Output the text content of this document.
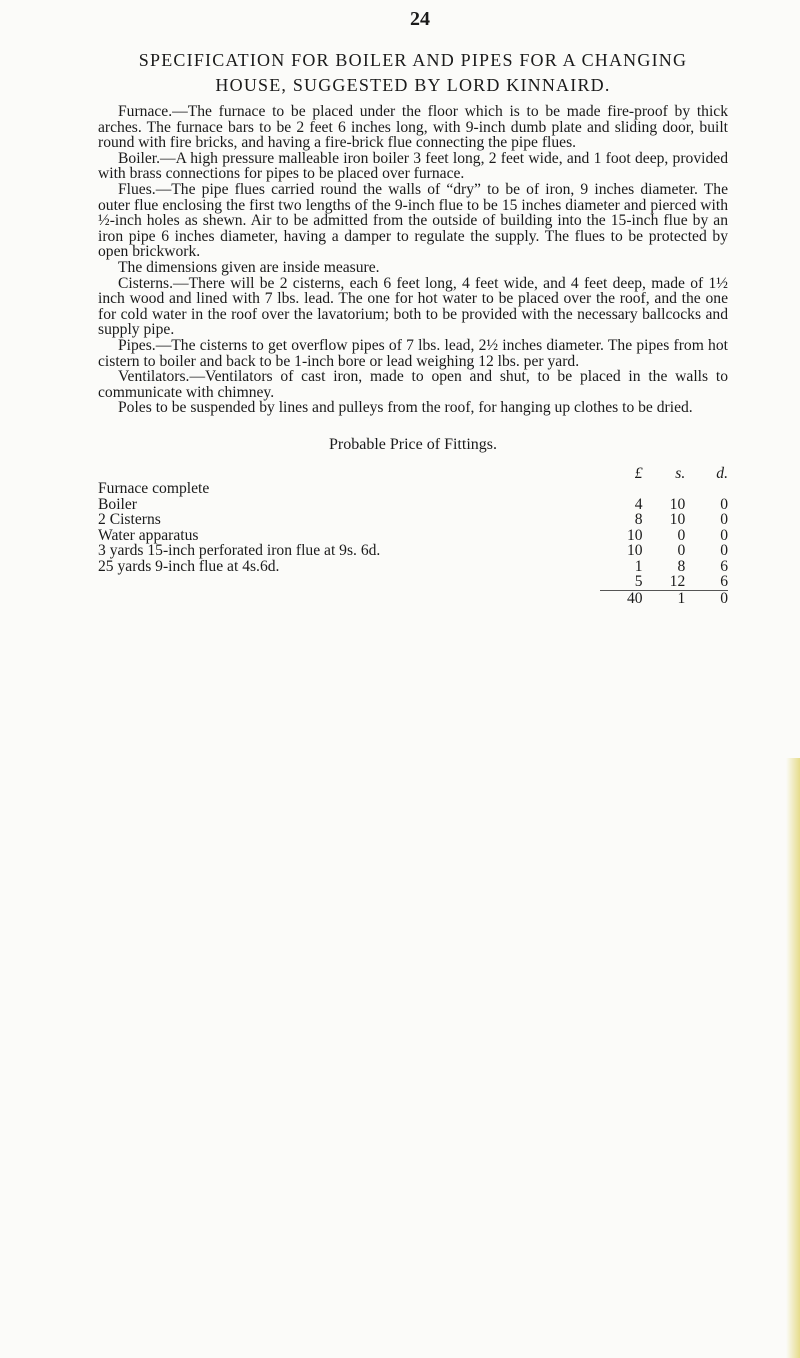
24
SPECIFICATION FOR BOILER AND PIPES FOR A CHANGING
HOUSE, SUGGESTED BY LORD KINNAIRD.

Furnace.—The furnace to be placed under the floor which is to be made fire-proof by thick arches. The furnace bars to be 2 feet 6 inches long, with 9-inch dumb plate and sliding door, built round with fire bricks, and having a fire-brick flue connecting the pipe flues.

Boiler.—A high pressure malleable iron boiler 3 feet long, 2 feet wide, and 1 foot deep, provided with brass connections for pipes to be placed over furnace.

Flues.—The pipe flues carried round the walls of “dry” to be of iron, 9 inches diameter. The outer flue enclosing the first two lengths of the 9-inch flue to be 15 inches diameter and pierced with ½-inch holes as shewn. Air to be admitted from the outside of building into the 15-inch flue by an iron pipe 6 inches diameter, having a damper to regulate the supply. The flues to be protected by open brickwork.

The dimensions given are inside measure.

Cisterns.—There will be 2 cisterns, each 6 feet long, 4 feet wide, and 4 feet deep, made of 1½ inch wood and lined with 7 lbs. lead. The one for hot water to be placed over the roof, and the one for cold water in the roof over the lavatorium; both to be provided with the necessary ballcocks and supply pipe.

Pipes.—The cisterns to get overflow pipes of 7 lbs. lead, 2½ inches diameter. The pipes from hot cistern to boiler and back to be 1-inch bore or lead weighing 12 lbs. per yard.

Ventilators.—Ventilators of cast iron, made to open and shut, to be placed in the walls to communicate with chimney.

Poles to be suspended by lines and pulleys from the roof, for hanging up clothes to be dried.

Probable Price of Fittings.
	£	s.	d.
Furnace complete			
Boiler	4	10	0
2 Cisterns	8	10	0
Water apparatus	10	0	0
3 yards 15-inch perforated iron flue at 9s. 6d.	10	0	0
25 yards 9-inch flue at 4s.6d.	1	8	6
	5	12	6
	40	1	0
